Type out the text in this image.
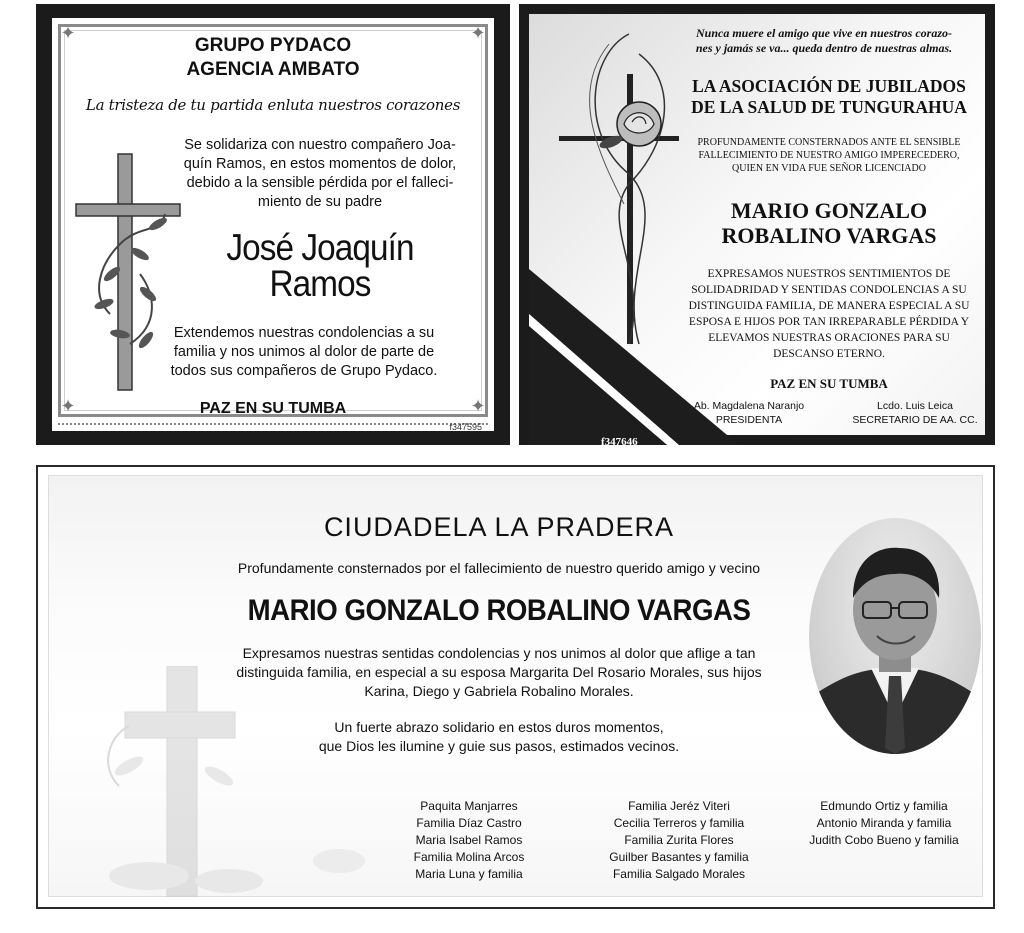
✦	✦
✦	✦
GRUPO PYDACO
AGENCIA AMBATO
La tristeza de tu partida enluta nuestros corazones
Se solidariza con nuestro compañero Joa-
quín Ramos, en estos momentos de dolor,
debido a la sensible pérdida por el falleci-
miento de su padre
José Joaquín
Ramos
Extendemos nuestras condolencias a su
familia y nos unimos al dolor de parte de
todos sus compañeros de Grupo Pydaco.
PAZ EN SU TUMBA
f347595
Nunca muere el amigo que vive en nuestros corazo-
nes y jamás se va... queda dentro de nuestras almas.
LA ASOCIACIÓN DE JUBILADOS
DE LA SALUD DE TUNGURAHUA
PROFUNDAMENTE CONSTERNADOS ANTE EL SENSIBLE
FALLECIMIENTO DE NUESTRO AMIGO IMPERECEDERO,
QUIEN EN VIDA FUE SEÑOR LICENCIADO
MARIO GONZALO
ROBALINO VARGAS
EXPRESAMOS NUESTROS SENTIMIENTOS DE
SOLIDADRIDAD Y SENTIDAS CONDOLENCIAS A SU
DISTINGUIDA FAMILIA, DE MANERA ESPECIAL A SU
ESPOSA E HIJOS POR TAN IRREPARABLE PÉRDIDA Y
ELEVAMOS NUESTRAS ORACIONES PARA SU
DESCANSO ETERNO.
PAZ EN SU TUMBA
Ab. Magdalena Naranjo
PRESIDENTA
Lcdo. Luis Leica
SECRETARIO DE AA. CC.
f347646
CIUDADELA LA PRADERA
Profundamente consternados por el fallecimiento de nuestro querido amigo y vecino
MARIO GONZALO ROBALINO VARGAS
Expresamos nuestras sentidas condolencias y nos unimos al dolor que aflige a tan
distinguida familia, en especial a su esposa Margarita Del Rosario Morales, sus hijos
Karina, Diego y Gabriela Robalino Morales.
Un fuerte abrazo solidario en estos duros momentos,
que Dios les ilumine y guie sus pasos, estimados vecinos.
Paquita Manjarres
Familia Díaz Castro
Maria Isabel Ramos
Familia Molina Arcos
Maria Luna y familia
Familia Jeréz Viteri
Cecilia Terreros y familia
Familia Zurita Flores
Guilber Basantes y familia
Familia Salgado Morales
Edmundo Ortiz y familia
Antonio Miranda y familia
Judith Cobo Bueno y familia
